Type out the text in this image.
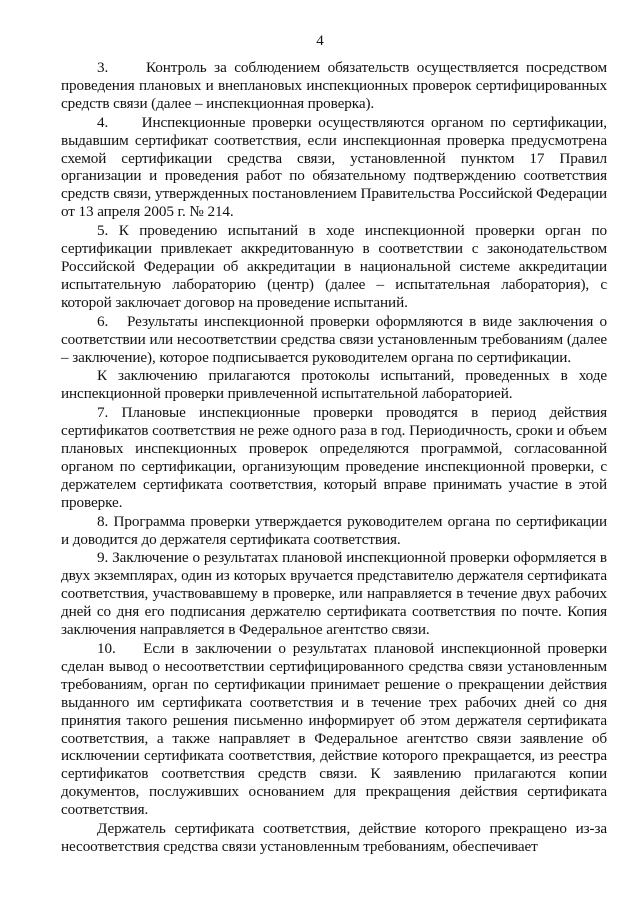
4

3.     Контроль за соблюдением обязательств осуществляется посредством проведения плановых и внеплановых инспекционных проверок сертифицированных средств связи (далее – инспекционная проверка).

4.     Инспекционные проверки осуществляются органом по сертификации, выдавшим сертификат соответствия, если инспекционная проверка предусмотрена схемой сертификации средства связи, установленной пунктом 17 Правил организации и проведения работ по обязательному подтверждению соответствия средств связи, утвержденных постановлением Правительства Российской Федерации от 13 апреля 2005 г. № 214.

5. К проведению испытаний в ходе инспекционной проверки орган по сертификации привлекает аккредитованную в соответствии с законодательством Российской Федерации об аккредитации в национальной системе аккредитации испытательную лабораторию (центр) (далее – испытательная лаборатория), с которой заключает договор на проведение испытаний.

6.   Результаты инспекционной проверки оформляются в виде заключения о соответствии или несоответствии средства связи установленным требованиям (далее – заключение), которое подписывается руководителем органа по сертификации.

К заключению прилагаются протоколы испытаний, проведенных в ходе инспекционной проверки привлеченной испытательной лабораторией.

7. Плановые инспекционные проверки проводятся в период действия сертификатов соответствия не реже одного раза в год. Периодичность, сроки и объем плановых инспекционных проверок определяются программой, согласованной органом по сертификации, организующим проведение инспекционной проверки, с держателем сертификата соответствия, который вправе принимать участие в этой проверке.

8. Программа проверки утверждается руководителем органа по сертификации и доводится до держателя сертификата соответствия.

9. Заключение о результатах плановой инспекционной проверки оформляется в двух экземплярах, один из которых вручается представителю держателя сертификата соответствия, участвовавшему в проверке, или направляется в течение двух рабочих дней со дня его подписания держателю сертификата соответствия по почте. Копия заключения направляется в Федеральное агентство связи.

10.    Если в заключении о результатах плановой инспекционной проверки сделан вывод о несоответствии сертифицированного средства связи установленным требованиям, орган по сертификации принимает решение о прекращении действия выданного им сертификата соответствия и в течение трех рабочих дней со дня принятия такого решения письменно информирует об этом держателя сертификата соответствия, а также направляет в Федеральное агентство связи заявление об исключении сертификата соответствия, действие которого прекращается, из реестра сертификатов соответствия средств связи. К заявлению прилагаются копии документов, послуживших основанием для прекращения действия сертификата соответствия.

Держатель сертификата соответствия, действие которого прекращено из-за несоответствия средства связи установленным требованиям, обеспечивает
